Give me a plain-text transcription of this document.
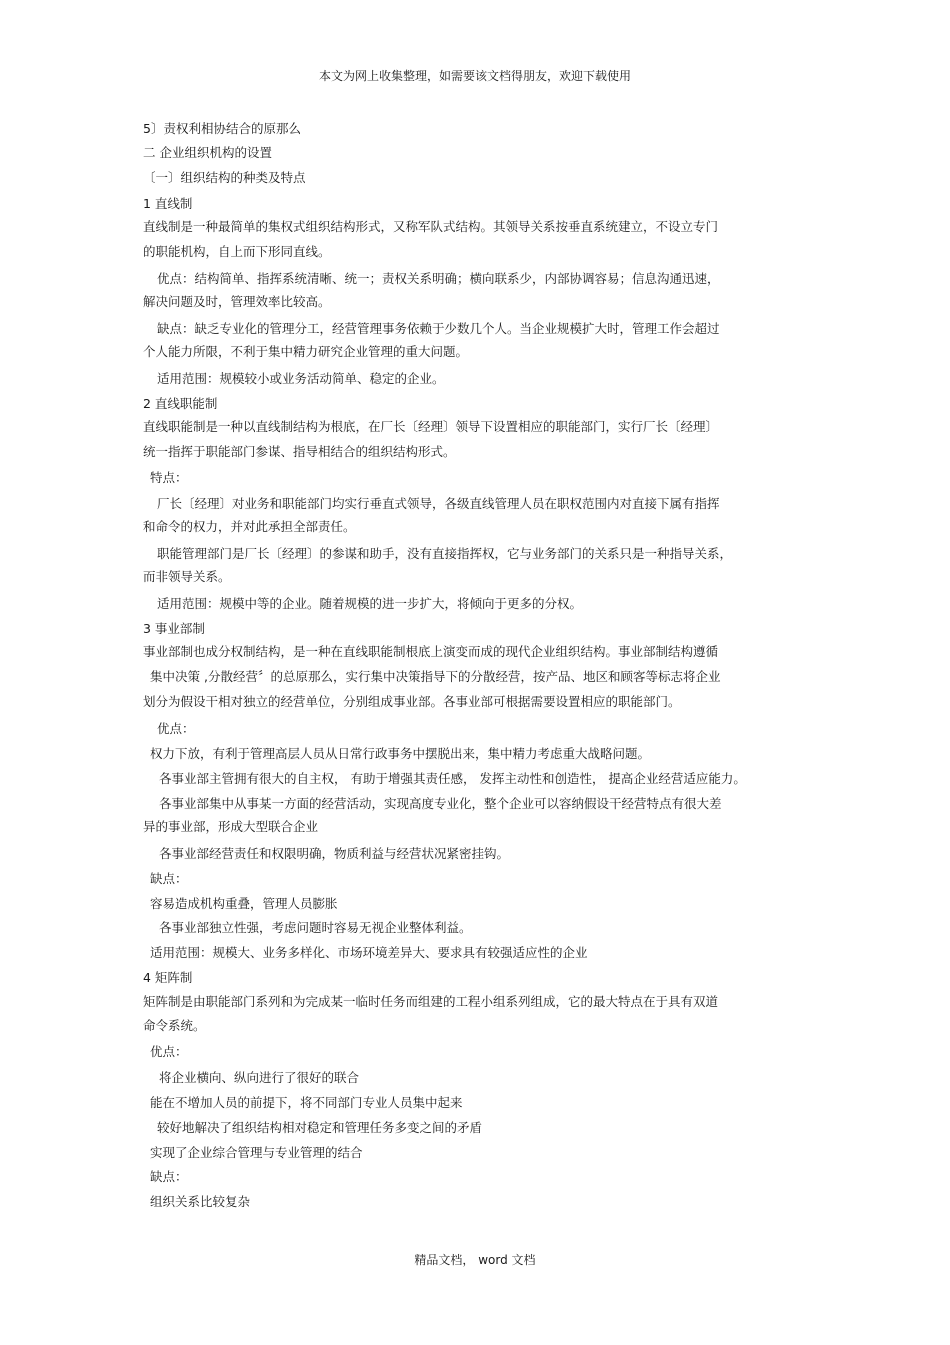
本文为网上收集整理，如需要该文档得朋友，欢迎下载使用
5〕责权利相协结合的原那么
二 企业组织机构的设置
〔一〕组织结构的种类及特点
1 直线制
直线制是一种最简单的集权式组织结构形式，又称军队式结构。其领导关系按垂直系统建立，不设立专门
的职能机构，自上而下形同直线。
优点：结构简单、指挥系统清晰、统一；责权关系明确；横向联系少，内部协调容易；信息沟通迅速，
解决问题及时，管理效率比较高。
缺点：缺乏专业化的管理分工，经营管理事务依赖于少数几个人。当企业规模扩大时，管理工作会超过
个人能力所限，不利于集中精力研究企业管理的重大问题。
适用范围：规模较小或业务活动简单、稳定的企业。
2 直线职能制
直线职能制是一种以直线制结构为根底，在厂长〔经理〕领导下设置相应的职能部门，实行厂长〔经理〕
统一指挥于职能部门参谋、指导相结合的组织结构形式。
特点：
厂长〔经理〕对业务和职能部门均实行垂直式领导，各级直线管理人员在职权范围内对直接下属有指挥
和命令的权力，并对此承担全部责任。
职能管理部门是厂长〔经理〕的参谋和助手，没有直接指挥权，它与业务部门的关系只是一种指导关系，
而非领导关系。
适用范围：规模中等的企业。随着规模的进一步扩大，将倾向于更多的分权。
3 事业部制
事业部制也成分权制结构，是一种在直线职能制根底上演变而成的现代企业组织结构。事业部制结构遵循
集中决策 ,分散经营〞的总原那么，实行集中决策指导下的分散经营，按产品、地区和顾客等标志将企业
划分为假设干相对独立的经营单位，分别组成事业部。各事业部可根据需要设置相应的职能部门。
优点：
权力下放，有利于管理高层人员从日常行政事务中摆脱出来，集中精力考虑重大战略问题。
各事业部主管拥有很大的自主权， 有助于增强其责任感， 发挥主动性和创造性， 提高企业经营适应能力。
各事业部集中从事某一方面的经营活动，实现高度专业化，整个企业可以容纳假设干经营特点有很大差
异的事业部，形成大型联合企业
各事业部经营责任和权限明确，物质利益与经营状况紧密挂钩。
缺点：
容易造成机构重叠，管理人员膨胀
各事业部独立性强，考虑问题时容易无视企业整体利益。
适用范围：规模大、业务多样化、市场环境差异大、要求具有较强适应性的企业
4 矩阵制
矩阵制是由职能部门系列和为完成某一临时任务而组建的工程小组系列组成，它的最大特点在于具有双道
命令系统。
优点：
将企业横向、纵向进行了很好的联合
能在不增加人员的前提下，将不同部门专业人员集中起来
较好地解决了组织结构相对稳定和管理任务多变之间的矛盾
实现了企业综合管理与专业管理的结合
缺点：
组织关系比较复杂
精品文档， word 文档
